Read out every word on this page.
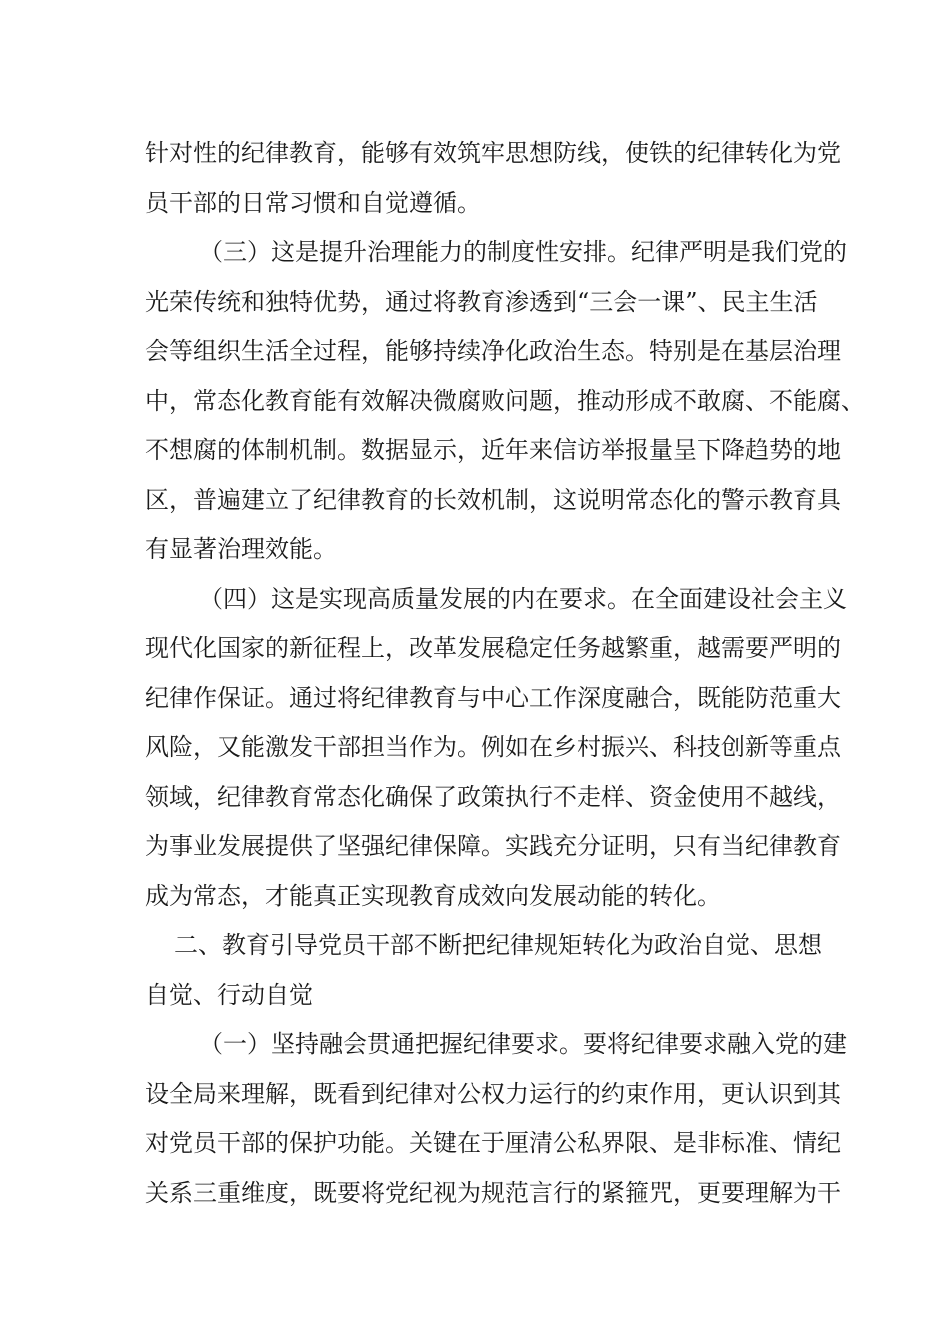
针对性的纪律教育，能够有效筑牢思想防线，使铁的纪律转化为党
员干部的日常习惯和自觉遵循。
（三）这是提升治理能力的制度性安排。纪律严明是我们党的
光荣传统和独特优势，通过将教育渗透到“三会一课”、民主生活
会等组织生活全过程，能够持续净化政治生态。特别是在基层治理
中，常态化教育能有效解决微腐败问题，推动形成不敢腐、不能腐、
不想腐的体制机制。数据显示，近年来信访举报量呈下降趋势的地
区，普遍建立了纪律教育的长效机制，这说明常态化的警示教育具
有显著治理效能。
（四）这是实现高质量发展的内在要求。在全面建设社会主义
现代化国家的新征程上，改革发展稳定任务越繁重，越需要严明的
纪律作保证。通过将纪律教育与中心工作深度融合，既能防范重大
风险，又能激发干部担当作为。例如在乡村振兴、科技创新等重点
领域，纪律教育常态化确保了政策执行不走样、资金使用不越线，
为事业发展提供了坚强纪律保障。实践充分证明，只有当纪律教育
成为常态，才能真正实现教育成效向发展动能的转化。
二、教育引导党员干部不断把纪律规矩转化为政治自觉、思想
自觉、行动自觉
（一）坚持融会贯通把握纪律要求。要将纪律要求融入党的建
设全局来理解，既看到纪律对公权力运行的约束作用，更认识到其
对党员干部的保护功能。关键在于厘清公私界限、是非标准、情纪
关系三重维度，既要将党纪视为规范言行的紧箍咒，更要理解为干
